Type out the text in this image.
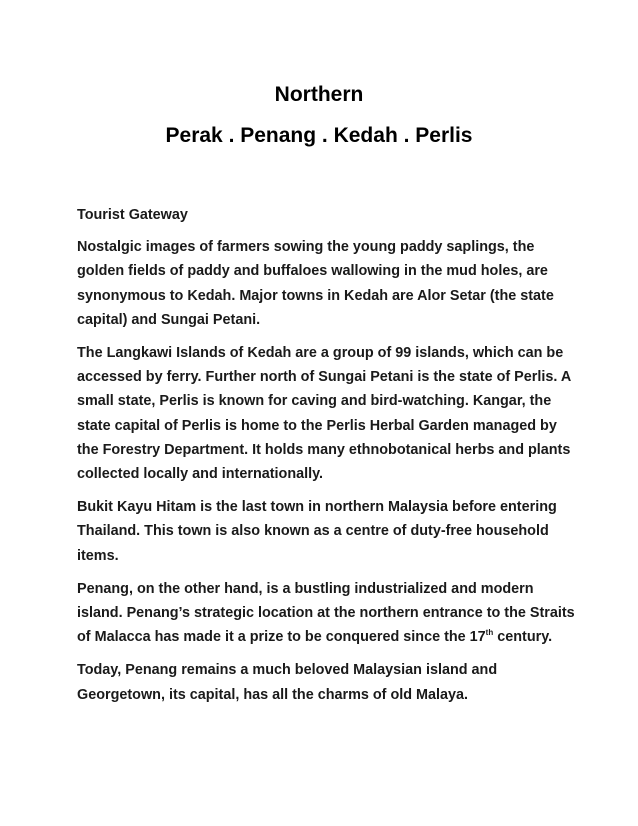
Northern
Perak . Penang . Kedah . Perlis

Tourist Gateway

Nostalgic images of farmers sowing the young paddy saplings, the golden fields of paddy and buffaloes wallowing in the mud holes, are synonymous to Kedah. Major towns in Kedah are Alor Setar (the state capital) and Sungai Petani.

The Langkawi Islands of Kedah are a group of 99 islands, which can be accessed by ferry. Further north of Sungai Petani is the state of Perlis. A small state, Perlis is known for caving and bird-watching. Kangar, the state capital of Perlis is home to the Perlis Herbal Garden managed by the Forestry Department. It holds many ethnobotanical herbs and plants collected locally and internationally.

Bukit Kayu Hitam is the last town in northern Malaysia before entering Thailand. This town is also known as a centre of duty-free household items.

Penang, on the other hand, is a bustling industrialized and modern island. Penang’s strategic location at the northern entrance to the Straits of Malacca has made it a prize to be conquered since the 17th century.

Today, Penang remains a much beloved Malaysian island and Georgetown, its capital, has all the charms of old Malaya.
